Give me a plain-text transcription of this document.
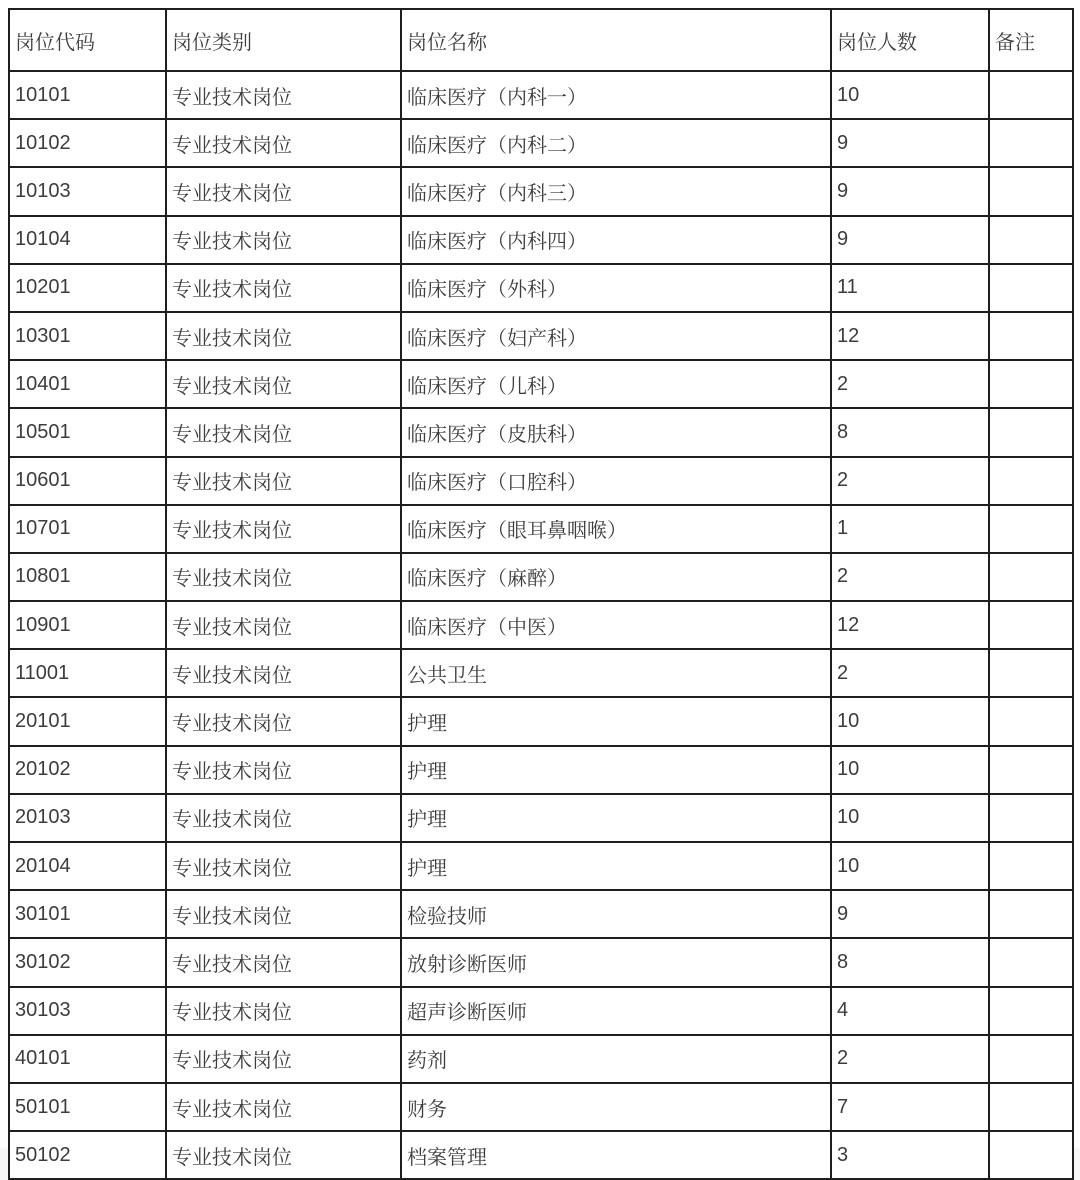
岗位代码	岗位类别	岗位名称	岗位人数	备注
10101	专业技术岗位	临床医疗（内科一）	10	
10102	专业技术岗位	临床医疗（内科二）	9	
10103	专业技术岗位	临床医疗（内科三）	9	
10104	专业技术岗位	临床医疗（内科四）	9	
10201	专业技术岗位	临床医疗（外科）	11	
10301	专业技术岗位	临床医疗（妇产科）	12	
10401	专业技术岗位	临床医疗（儿科）	2	
10501	专业技术岗位	临床医疗（皮肤科）	8	
10601	专业技术岗位	临床医疗（口腔科）	2	
10701	专业技术岗位	临床医疗（眼耳鼻咽喉）	1	
10801	专业技术岗位	临床医疗（麻醉）	2	
10901	专业技术岗位	临床医疗（中医）	12	
11001	专业技术岗位	公共卫生	2	
20101	专业技术岗位	护理	10	
20102	专业技术岗位	护理	10	
20103	专业技术岗位	护理	10	
20104	专业技术岗位	护理	10	
30101	专业技术岗位	检验技师	9	
30102	专业技术岗位	放射诊断医师	8	
30103	专业技术岗位	超声诊断医师	4	
40101	专业技术岗位	药剂	2	
50101	专业技术岗位	财务	7	
50102	专业技术岗位	档案管理	3	
